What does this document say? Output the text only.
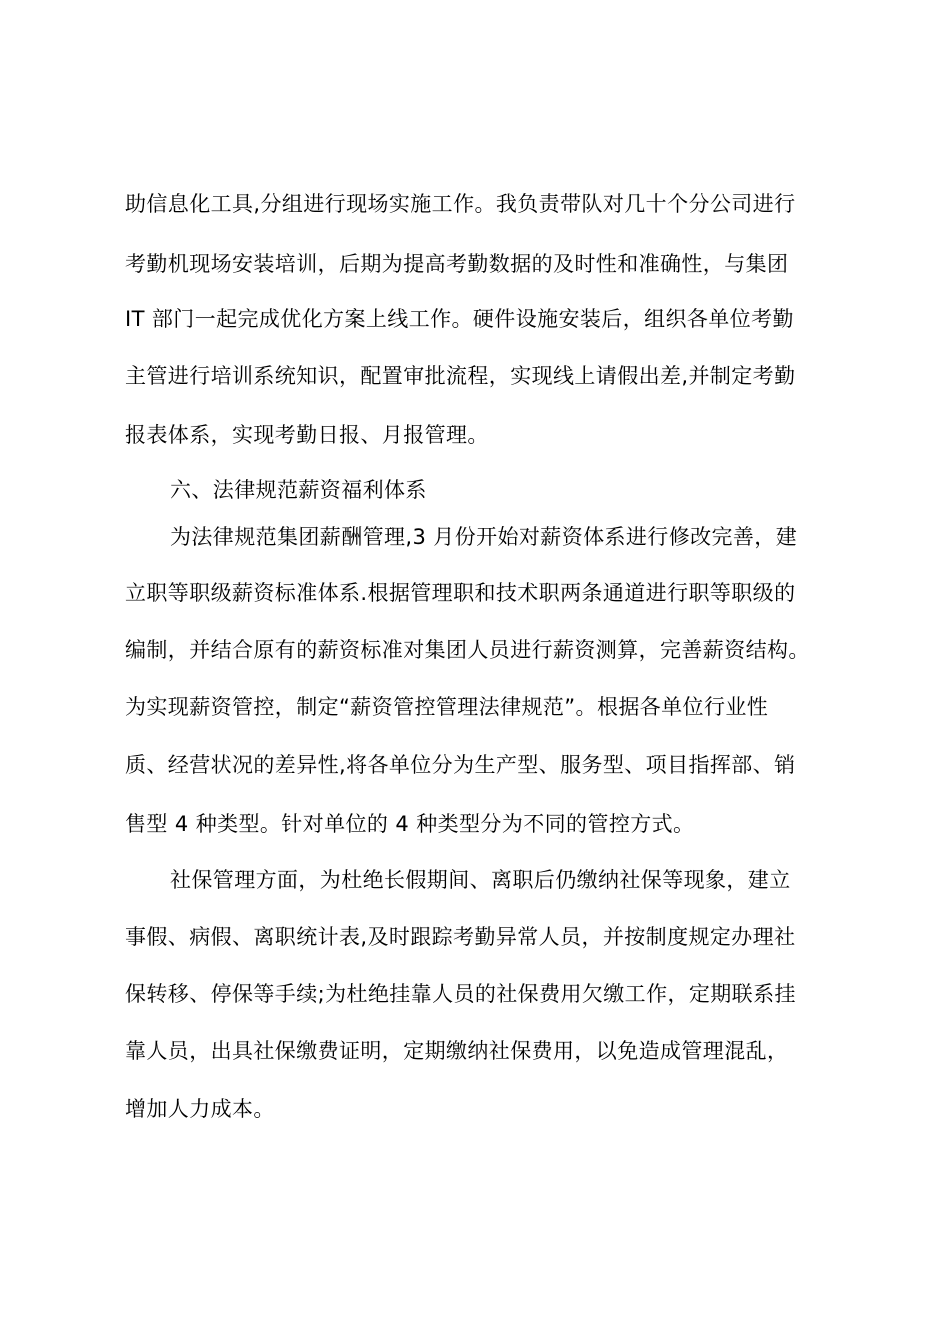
助信息化工具,分组进行现场实施工作。我负责带队对几十个分公司进行
考勤机现场安装培训，后期为提高考勤数据的及时性和准确性，与集团
IT 部门一起完成优化方案上线工作。硬件设施安装后，组织各单位考勤
主管进行培训系统知识，配置审批流程，实现线上请假出差,并制定考勤
报表体系，实现考勤日报、月报管理。
六、法律规范薪资福利体系
为法律规范集团薪酬管理,3 月份开始对薪资体系进行修改完善，建
立职等职级薪资标准体系.根据管理职和技术职两条通道进行职等职级的
编制，并结合原有的薪资标准对集团人员进行薪资测算，完善薪资结构。
为实现薪资管控，制定“薪资管控管理法律规范”。根据各单位行业性
质、经营状况的差异性,将各单位分为生产型、服务型、项目指挥部、销
售型 4 种类型。针对单位的 4 种类型分为不同的管控方式。
社保管理方面，为杜绝长假期间、离职后仍缴纳社保等现象，建立
事假、病假、离职统计表,及时跟踪考勤异常人员，并按制度规定办理社
保转移、停保等手续;为杜绝挂靠人员的社保费用欠缴工作，定期联系挂
靠人员，出具社保缴费证明，定期缴纳社保费用，以免造成管理混乱，
增加人力成本。
